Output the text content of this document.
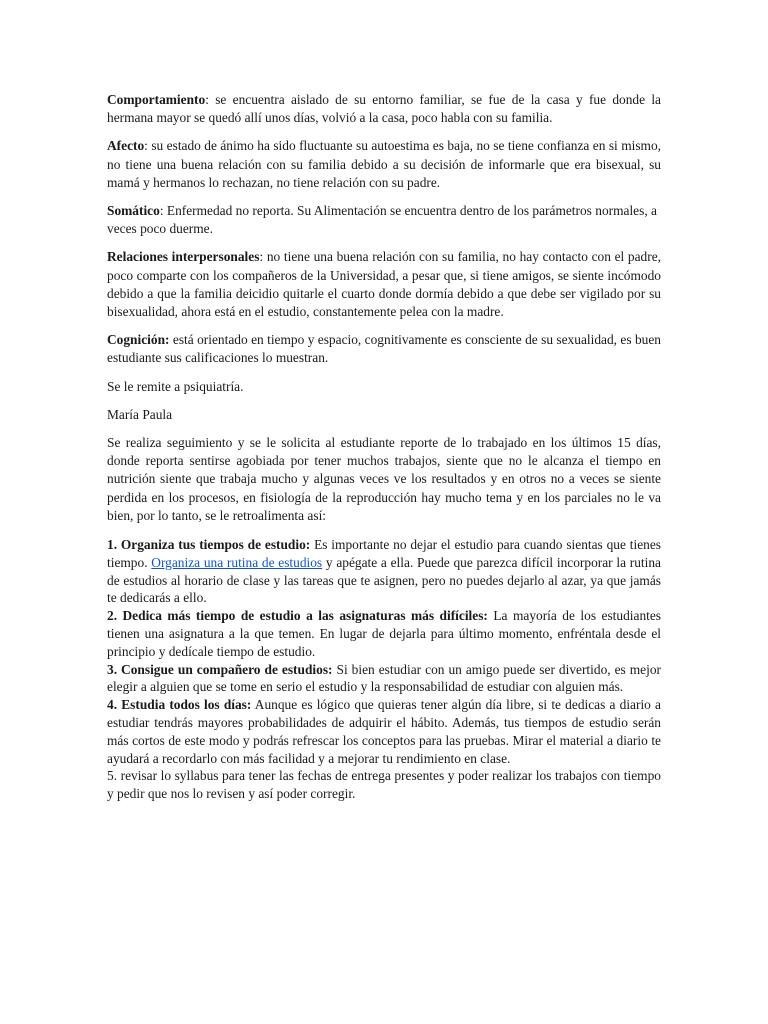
Comportamiento: se encuentra aislado de su entorno familiar, se fue de la casa y fue donde la hermana mayor se quedó allí unos días, volvió a la casa, poco habla con su familia.

Afecto: su estado de ánimo ha sido fluctuante su autoestima es baja, no se tiene confianza en si mismo, no tiene una buena relación con su familia debido a su decisión de informarle que era bisexual, su mamá y hermanos lo rechazan, no tiene relación con su padre.

Somático: Enfermedad no reporta. Su Alimentación se encuentra dentro de los parámetros normales, a veces poco duerme.

Relaciones interpersonales: no tiene una buena relación con su familia, no hay contacto con el padre, poco comparte con los compañeros de la Universidad, a pesar que, si tiene amigos, se siente incómodo debido a que la familia deicidio quitarle el cuarto donde dormía debido a que debe ser vigilado por su bisexualidad, ahora está en el estudio, constantemente pelea con la madre.

Cognición: está orientado en tiempo y espacio, cognitivamente es consciente de su sexualidad, es buen estudiante sus calificaciones lo muestran.

Se le remite a psiquiatría.

María Paula

Se realiza seguimiento y se le solicita al estudiante reporte de lo trabajado en los últimos 15 días, donde reporta sentirse agobiada por tener muchos trabajos, siente que no le alcanza el tiempo en nutrición siente que trabaja mucho y algunas veces ve los resultados y en otros no a veces se siente perdida en los procesos, en fisiología de la reproducción hay mucho tema y en los parciales no le va bien, por lo tanto, se le retroalimenta así:

1. Organiza tus tiempos de estudio: Es importante no dejar el estudio para cuando sientas que tienes tiempo. Organiza una rutina de estudios y apégate a ella. Puede que parezca difícil incorporar la rutina de estudios al horario de clase y las tareas que te asignen, pero no puedes dejarlo al azar, ya que jamás te dedicarás a ello.

2. Dedica más tiempo de estudio a las asignaturas más difíciles: La mayoría de los estudiantes tienen una asignatura a la que temen. En lugar de dejarla para último momento, enfréntala desde el principio y dedícale tiempo de estudio.

3. Consigue un compañero de estudios: Si bien estudiar con un amigo puede ser divertido, es mejor elegir a alguien que se tome en serio el estudio y la responsabilidad de estudiar con alguien más.

4. Estudia todos los días: Aunque es lógico que quieras tener algún día libre, si te dedicas a diario a estudiar tendrás mayores probabilidades de adquirir el hábito. Además, tus tiempos de estudio serán más cortos de este modo y podrás refrescar los conceptos para las pruebas. Mirar el material a diario te ayudará a recordarlo con más facilidad y a mejorar tu rendimiento en clase.

5. revisar lo syllabus para tener las fechas de entrega presentes y poder realizar los trabajos con tiempo y pedir que nos lo revisen y así poder corregir.
